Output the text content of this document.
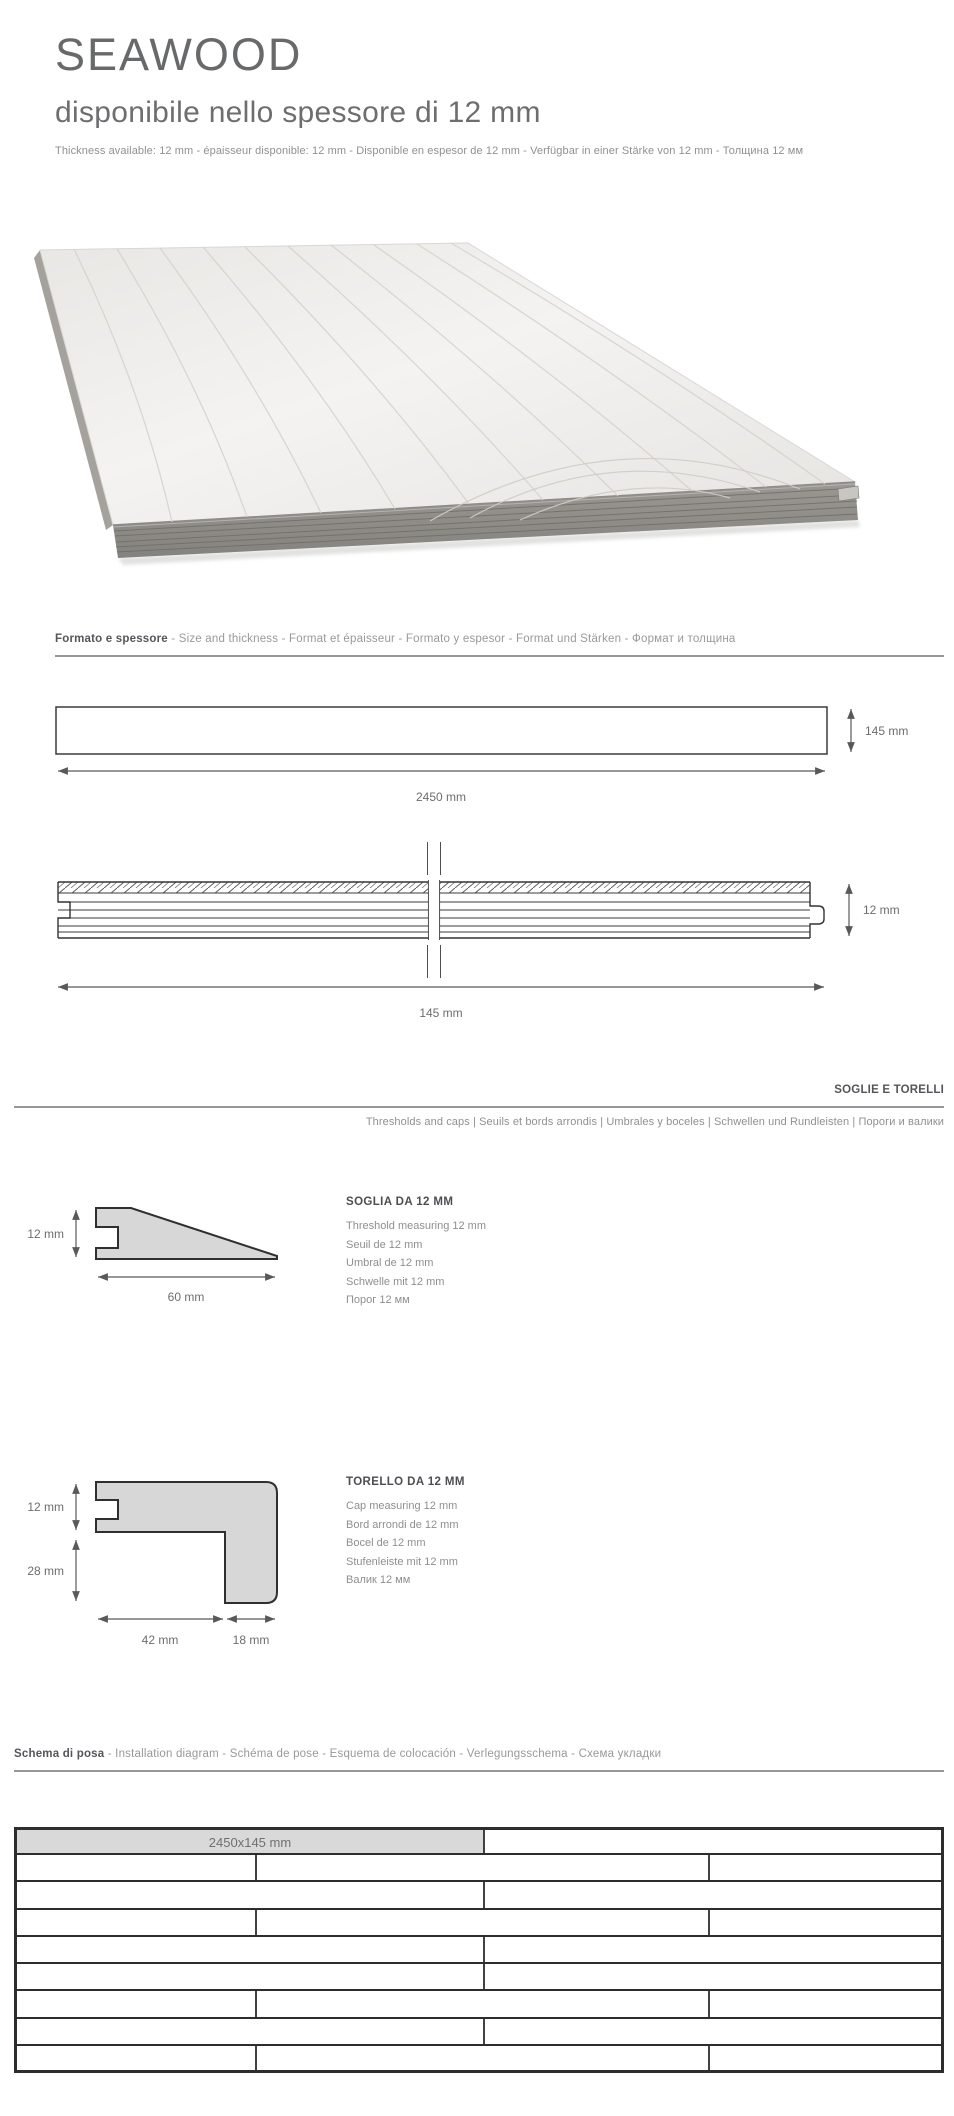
SEAWOOD
disponibile nello spessore di 12 mm
Thickness available: 12 mm - épaisseur disponible: 12 mm - Disponible en espesor de 12 mm - Verfügbar in einer Stärke von 12 mm - Толщина 12 мм
Formato e spessore - Size and thickness - Format et épaisseur - Formato y espesor - Format und Stärken - Формат и толщина
145 mm
2450 mm
12 mm
145 mm
SOGLIE E TORELLI
Thresholds and caps | Seuils et bords arrondis | Umbrales y boceles | Schwellen und Rundleisten | Пороги и валики
12 mm
60 mm

SOGLIA DA 12 MM

Threshold measuring 12 mm

Seuil de 12 mm

Umbral de 12 mm

Schwelle mit 12 mm

Порог 12 мм

12 mm
28 mm
42 mm	18 mm

TORELLO DA 12 MM

Cap measuring 12 mm

Bord arrondi de 12 mm

Bocel de 12 mm

Stufenleiste mit 12 mm

Валик 12 мм

Schema di posa - Installation diagram - Schéma de pose - Esquema de colocación - Verlegungsschema - Схема укладки
2450x145 mm
